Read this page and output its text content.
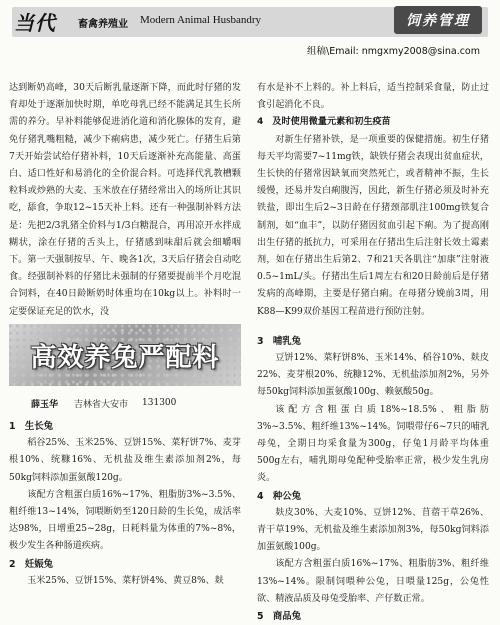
当代 畜禽养殖业 Modern Animal Husbandry	饲养管理
组稿\Email: nmgxmy2008@sina.com

达到断奶高峰，30天后断乳量逐渐下降，而此时仔猪的发育却处于逐渐加快时期，单吃母乳已经不能满足其生长所需的养分。早补料能够促进消化道和消化腺体的发育，避免仔猪乳嘴粗糙，减少下痢病患，减少死亡。仔猪生后第7天开始尝试给仔猪补料，10天后逐渐补充高能量、高蛋白、适口性好和易消化的全价混合料。可选择代乳教槽颗粒料或炒熟的大麦、玉米放在仔猪经常出入的场所让其识吃，舔食，争取12~15天补上料。还有一种强制补料方法是：先把2/3乳猪全价料与1/3白糖混合，再用凉开水拌成糊状，涂在仔猪的舌头上，仔猪感到味甜后就会细嚼咽下。第一天强制按早、午、晚各1次，3天后仔猪会自动吃食。经强制补料的仔猪比未强制的仔猪要提前半个月吃混合饲料，在40日龄断奶时体重均在10kg以上。补料时一定要保证充足的饮水，没

有水是补不上料的。补上料后，适当控制采食量，防止过食引起消化不良。

4　及时使用微量元素和初生疫苗

对新生仔猪补铁，是一项重要的保健措施。初生仔猪每天平均需要7~11mg铁，缺铁仔猪会表现出贫血症状，生长快的仔猪常因缺氧而突然死亡，或者精神不振，生长缓慢，还易并发白痢腹泻，因此，新生仔猪必须及时补充铁盐，即出生后2~3日龄在仔猪颈部肌注100mg铁复合制剂，如“血丰”，以防仔猪因贫血引起下痢。为了提高刚出生仔猪的抵抗力，可采用在仔猪出生后注射长效土霉素剂，如在仔猪出生后第2、7和21天各肌注“加康”注射液0.5~1mL/头。仔猪出生后1周左右和20日龄前后是仔猪发病的高峰期，主要是仔猪白痢。在母猪分娩前3周，用K88—K99双价基因工程苗进行预防注射。

3　哺乳兔

豆饼12%、菜籽饼8%、玉米14%、稻谷10%、麸皮22%、麦芽根20%、统糠12%、无机盐添加剂2%，另外每50kg饲料添加蛋氨酸100g、赖氨酸50g。

该配方含粗蛋白质18%~18.5%、粗脂肪3%~3.5%、粗纤维13%~14%。饲喂带仔6~7只的哺乳母兔，全期日均采食量为300g，仔兔1月龄平均体重500g左右，哺乳期母兔配种受胎率正常，极少发生乳房炎。

4　种公兔

麸皮30%、大麦10%、豆饼12%、苜蓿干草26%、青干草19%、无机盐及维生素添加剂3%，每50kg饲料添加蛋氨酸100g。

该配方含粗蛋白质16%~17%、粗脂肪3%、粗纤维13%~14%。限制饲喂种公兔，日喂量125g，公兔性欲、精液品质及母兔受胎率、产仔数正常。

5　商品兔

高效养兔严配料
薛玉华 吉林省大安市 131300

1　生长兔

稻谷25%、玉米25%、豆饼15%、菜籽饼7%、麦芽根10%、统糠16%、无机盐及维生素添加剂2%，每50kg饲料添加蛋氨酸120g。

该配方含粗蛋白质16%~17%、粗脂肪3%~3.5%、粗纤维13~14%，饲喂断奶至120日龄的生长兔，成活率达98%，日增重25~28g，日耗料量为体重的7%~8%，极少发生各种肠道疾病。

2　妊娠兔

玉米25%、豆饼15%、菜籽饼4%、黄豆8%、麸
